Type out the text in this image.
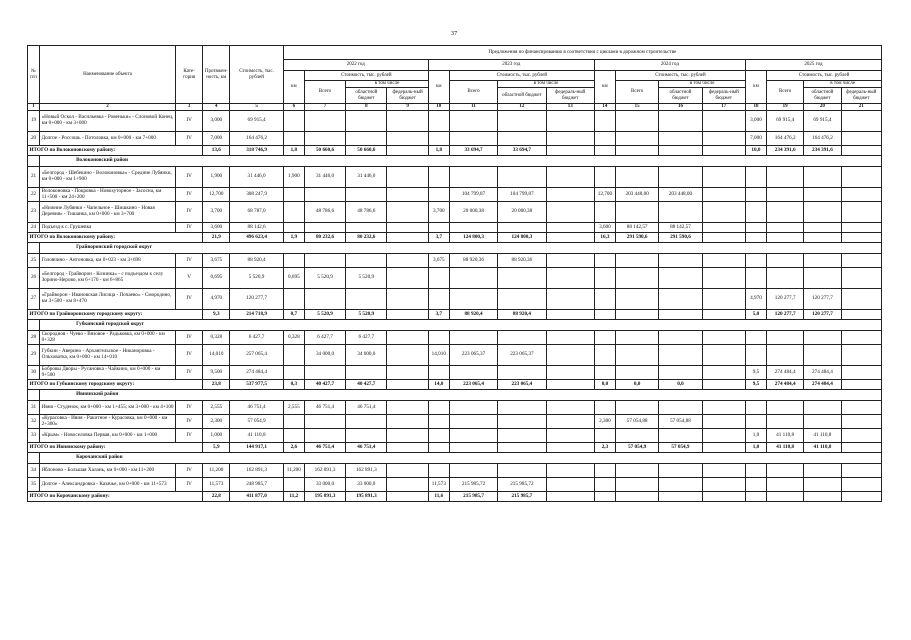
37
№ п/п	Наименование объекта	Кате-гория	Протяжен-ность, км	Стоимость, тыс. рублей	Предложения по финансированию в соответствии с циклами в дорожном строительстве															
					2022 год				2023 год				2024 год				2025 год			
					км	Стоимость, тыс. рублей			км	Стоимость, тыс. рублей			км	Стоимость, тыс. рублей			км	Стоимость, тыс. рублей		
						Всего	в том числе			Всего	в том числе			Всего	в том числе			Всего	в том числе	
							областной бюджет	федераль-ный бюджет			областной бюджет	федераль-ный бюджет			областной бюджет	федераль-ный бюджет			областной бюджет	федераль-ный бюджет
1	2	3	4	5	6	7	8	9	10	11	12	13	14	15	16	17	18	19	20	21
19	«Новый Оскол - Васильевка - Ровеньки» - Слоновой Конец, км 0+000 - км 3+000	IV	3,000	69 915,4													3,000	69 915,4	69 915,4	
20	Долгое - Россошь - Потоловка, км 0+000 - км 7+000	IV	7,000	164 476,2													7,000	164 476,2	164 476,2	
ИТОГО по Волоконовскому району:			13,6	318 746,9	1,8	50 660,6	50 660,6		1,8	33 694,7	33 694,7						10,0	234 391,6	234 391,6	
	Волоконовский район																			
21	«Белгород - Шебекино - Волоконовка» - Средние Лубянки, км 0+000 - км 1+900	IV	1,900	31 446,0	1,900	31 446,0	31 446,0													
22	Волоконовка - Покровка - Новохуторное - Засосна, км 11+500 - км 24+200	IV	12,700	308 247,9						104 799,87	104 799,87		12,700	203 448,00	203 448,00					
23	«Нижние Лубянки - Чапельное - Шишкино - Новая Деревня» - Тишанка, км 0+000 - км 3+700	IV	3,700	68 787,0		48 786,6	48 786,6		3,700	20 000,38	20 000,38									
24	Подъезд к с. Грушевка	IV	3,600	88 142,6									3,600	88 142,57	88 142,57					
ИТОГО по Волоконовскому району:			21,9	496 623,4	1,9	80 232,6	80 232,6		3,7	124 800,3	124 800,3		16,3	291 590,6	291 590,6					
	Грайворонский городской округ																			
25	Головчино - Антоновка, км 0+023 - км 3+698	IV	3,675	88 920,4					3,675	88 920,36	88 920,36									
26	«Белгород - Грайворон - Козинка» - с подъездом к селу Зорино-Нерово, км 6+170 - км 6+865	V	0,695	5 520,9	0,695	5 520,9	5 520,9													
27	«Грайворон - Ивановская Лисица - Почаево» - Смородино, км 3+500 - км 8+470	IV	4,970	120 277,7													4,970	120 277,7	120 277,7	
ИТОГО по Грайворонскому городскому округу:			9,3	214 718,9	0,7	5 520,9	5 520,9		3,7	88 920,4	88 920,4						5,0	120 277,7	120 277,7	
	Губкинский городской округ																			
28	Скороднов - Чуево - Вязовое - Радьковка, км 0+000 - км 0+328	IV	0,328	6 427,7	0,328	6 427,7	6 427,7													
29	Губкин - Аверино - Архангельское - Никаноровка - Ольховатка, км 0+000 - км 14+010	IV	14,010	257 065,4		34 000,0	34 000,0		14,010	223 065,37	223 065,37									
30	Бобровы Дворы - Русановка - Чайкино, км 0+000 - км 9+500	IV	9,500	274 484,4													9,5	274 484,4	274 484,4	
ИТОГО по Губкинскому городскому округу:			23,8	537 977,5	0,3	40 427,7	40 427,7		14,0	223 065,4	223 065,4		0,0	0,0	0,0		9,5	274 484,4	274 484,4	
	Ивнянский район																			
31	Ивня - Студенок, км 0+000 - км 1+455; км 3+000 - км 4+100	IV	2,555	46 751,4	2,555	46 751,4	46 751,4													
32	«Курасовка - Ивня - Ракитное - Курасовка, км 0+000 - км 2+300»	IV	2,300	57 054,9									2,300	57 054,88	57 054,88					
33	«Крым» - Новоселовка Первая, км 0+000 - км 1+000	IV	1,000	41 110,8													1,0	41 110,8	41 110,8	
ИТОГО по Ивнянскому району:			5,9	144 917,1	2,6	46 751,4	46 751,4						2,3	57 054,9	57 054,9		1,0	41 110,8	41 110,8	
	Корочанский район																			
34	Яблоново - Большая Халань, км 0+000 - км 11+200	IV	11,200	162 891,3	11,200	162 891,3	162 891,3													
35	Долгое - Александровка - Казачье, км 0+000 - км 11+573	IV	11,573	248 985,7		33 000,0	33 000,0		11,573	215 985,72	215 985,72									
ИТОГО по Корочанскому району:			22,8	411 877,0	11,2	195 891,3	195 891,3		11,6	215 985,7	215 985,7									
